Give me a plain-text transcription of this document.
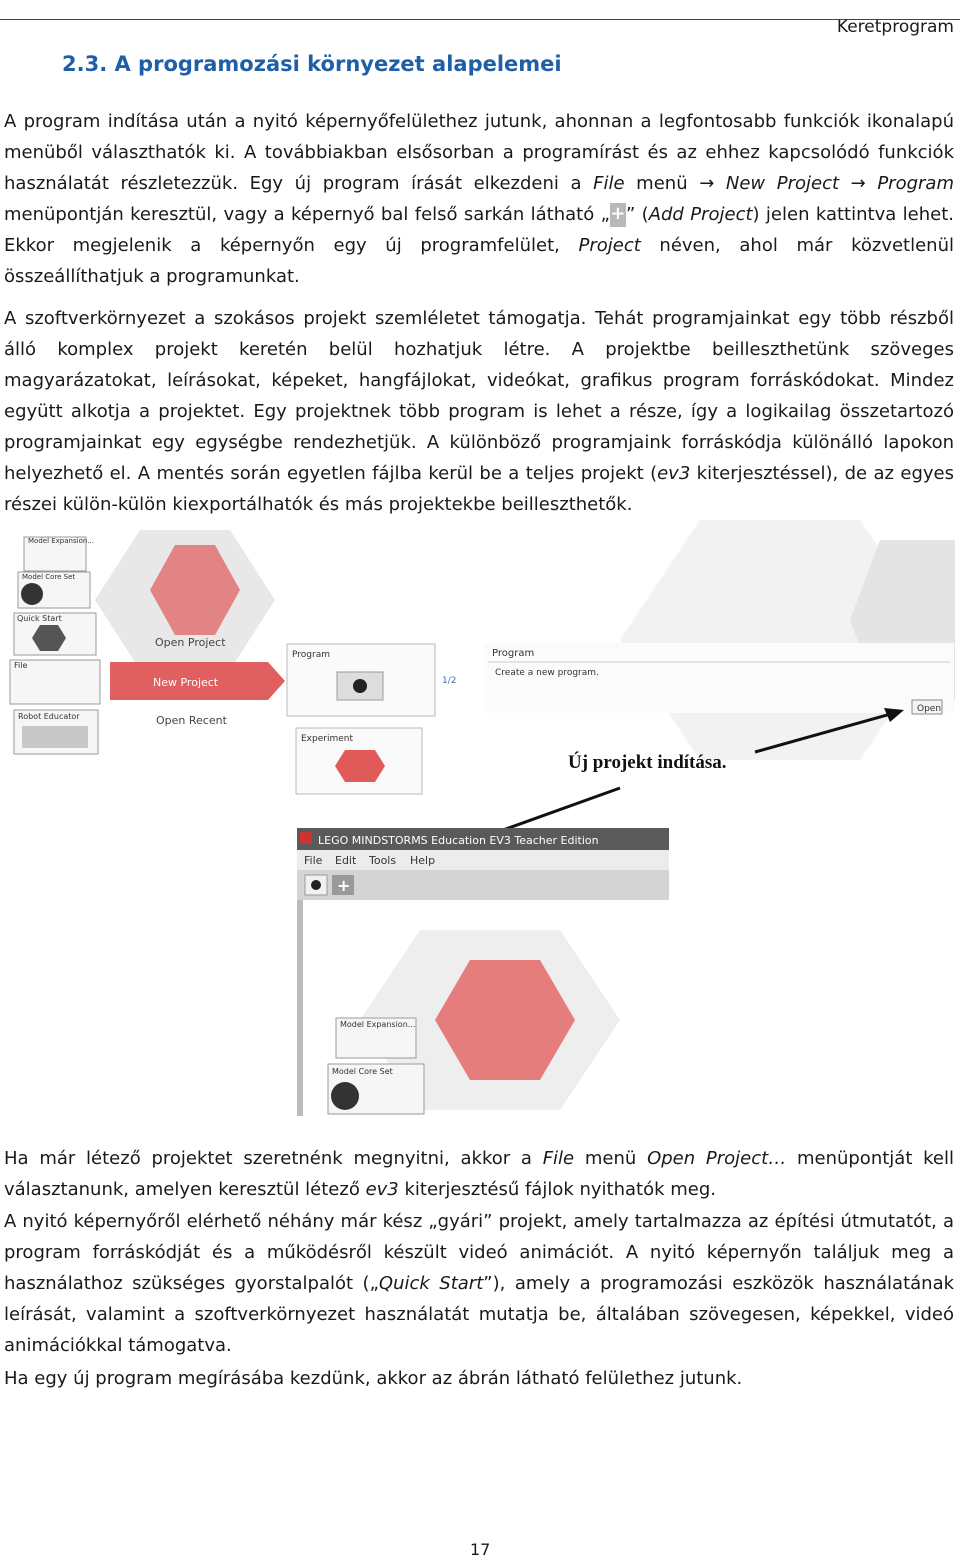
Keretprogram
2.3. A programozási környezet alapelemei
A program indítása után a nyitó képernyőfelülethez jutunk, ahonnan a legfontosabb funkciók ikonalapú menüből választhatók ki. A továbbiakban elsősorban a programírást és az ehhez kapcsolódó funkciók használatát részletezzük. Egy új program írását elkezdeni a File menü → New Project → Program menüpontján keresztül, vagy a képernyő bal felső sarkán látható „+” (Add Project) jelen kattintva lehet. Ekkor megjelenik a képernyőn egy új programfelület, Project néven, ahol már közvetlenül összeállíthatjuk a programunkat.
A szoftverkörnyezet a szokásos projekt szemléletet támogatja. Tehát programjainkat egy több részből álló komplex projekt keretén belül hozhatjuk létre. A projektbe beilleszthetünk szöveges magyarázatokat, leírásokat, képeket, hangfájlokat, videókat, grafikus program forráskódokat. Mindez együtt alkotja a projektet. Egy projektnek több program is lehet a része, így a logikailag összetartozó programjainkat egy egységbe rendezhetjük. A különböző programjaink forráskódja különálló lapokon helyezhető el. A mentés során egyetlen fájlba kerül be a teljes projekt (ev3 kiterjesztéssel), de az egyes részei külön-külön kiexportálhatók és más projektekbe beilleszthetők.
Model Expansion...
Model Core Set
Quick Start
File
Robot Educator
Open Project
New Project
Open Recent
Program
1/2
Experiment
Program
Create a new program.
Open
Új projekt indítása.
LEGO MINDSTORMS Education EV3 Teacher Edition
File Edit Tools Help
+
Model Expansion...
Model Core Set
Ha már létező projektet szeretnénk megnyitni, akkor a File menü Open Project… menüpontját kell választanunk, amelyen keresztül létező ev3 kiterjesztésű fájlok nyithatók meg.
A nyitó képernyőről elérhető néhány már kész „gyári” projekt, amely tartalmazza az építési útmutatót, a program forráskódját és a működésről készült videó animációt. A nyitó képernyőn találjuk meg a használathoz szükséges gyorstalpalót („Quick Start”), amely a programozási eszközök használatának leírását, valamint a szoftverkörnyezet használatát mutatja be, általában szövegesen, képekkel, videó animációkkal támogatva.
Ha egy új program megírásába kezdünk, akkor az ábrán látható felülethez jutunk.
17
